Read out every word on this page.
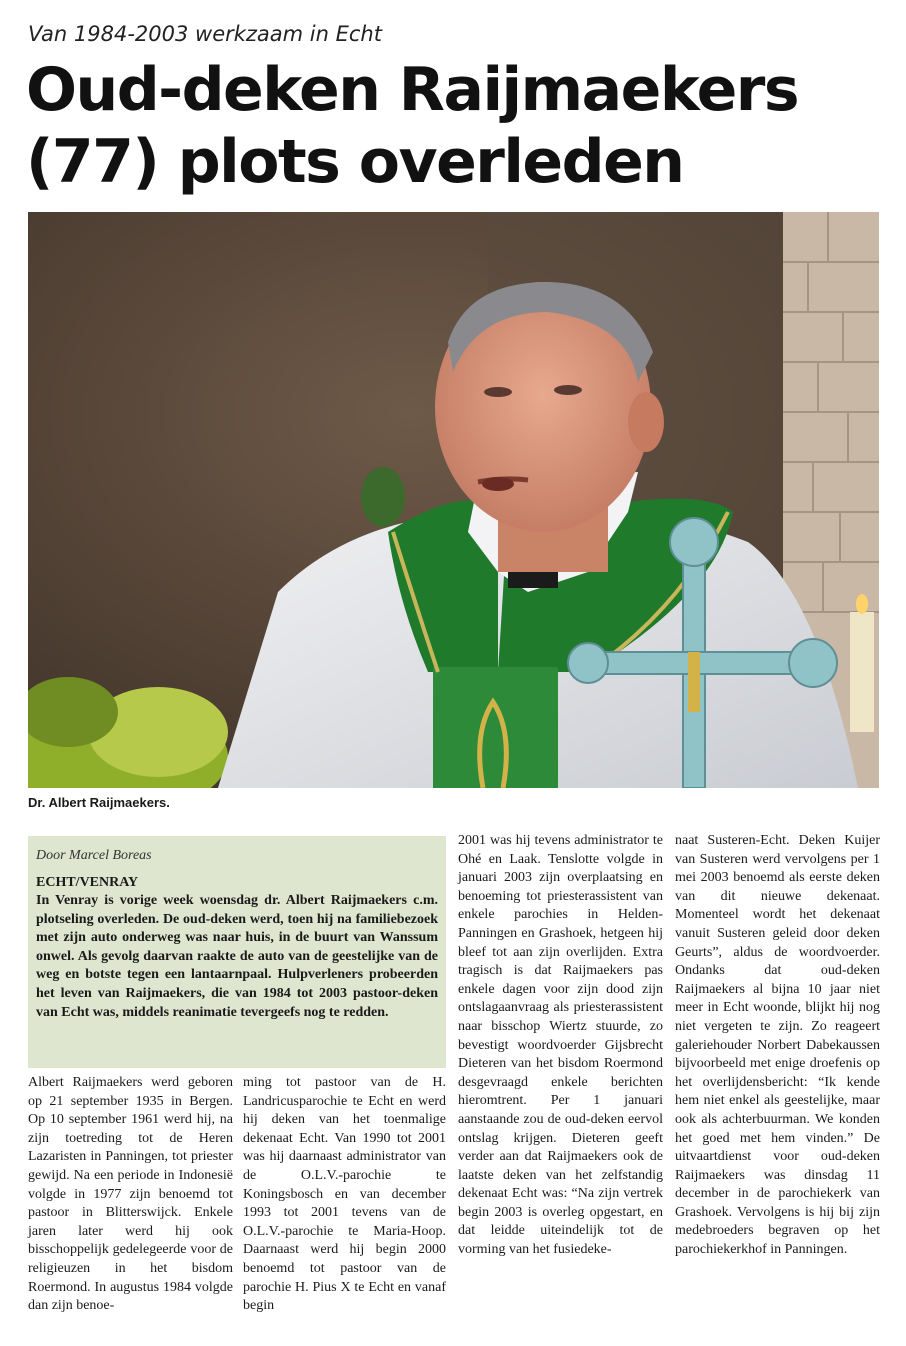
Van 1984-2003 werkzaam in Echt
Oud-deken Raijmaekers (77) plots overleden
Dr. Albert Raijmaekers.

Door Marcel Boreas

ECHT/VENRAY

In Venray is vorige week woensdag dr. Albert Raijmaekers c.m. plotseling overleden. De oud-deken werd, toen hij na familiebezoek met zijn auto onderweg was naar huis, in de buurt van Wanssum onwel. Als gevolg daarvan raakte de auto van de geestelijke van de weg en botste tegen een lantaarnpaal. Hulpverleners probeerden het leven van Raijmaekers, die van 1984 tot 2003 pastoor-deken van Echt was, middels reanimatie tevergeefs nog te redden.

Albert Raijmaekers werd geboren op 21 september 1935 in Bergen. Op 10 september 1961 werd hij, na zijn toetreding tot de Heren Lazaristen in Panningen, tot priester gewijd. Na een periode in Indonesië volgde in 1977 zijn benoemd tot pastoor in Blitterswijck. Enkele jaren later werd hij ook bisschoppelijk gedelegeerde voor de religieuzen in het bisdom Roermond. In augustus 1984 volgde dan zijn benoe-

ming tot pastoor van de H. Landricusparochie te Echt en werd hij deken van het toenmalige dekenaat Echt. Van 1990 tot 2001 was hij daarnaast administrator van de O.L.V.-parochie te Koningsbosch en van december 1993 tot 2001 tevens van de O.L.V.-parochie te Maria-Hoop. Daarnaast werd hij begin 2000 benoemd tot pastoor van de parochie H. Pius X te Echt en vanaf begin

2001 was hij tevens administrator te Ohé en Laak. Tenslotte volgde in januari 2003 zijn overplaatsing en benoeming tot priesterassistent van enkele parochies in Helden-Panningen en Grashoek, hetgeen hij bleef tot aan zijn overlijden. Extra tragisch is dat Raijmaekers pas enkele dagen voor zijn dood zijn ontslagaanvraag als priesterassistent naar bisschop Wiertz stuurde, zo bevestigt woordvoerder Gijsbrecht Dieteren van het bisdom Roermond desgevraagd enkele berichten hieromtrent. Per 1 januari aanstaande zou de oud-deken eervol ontslag krijgen. Dieteren geeft verder aan dat Raijmaekers ook de laatste deken van het zelfstandig dekenaat Echt was: “Na zijn vertrek begin 2003 is overleg opgestart, en dat leidde uiteindelijk tot de vorming van het fusiedeke-

naat Susteren-Echt. Deken Kuijer van Susteren werd vervolgens per 1 mei 2003 benoemd als eerste deken van dit nieuwe dekenaat. Momenteel wordt het dekenaat vanuit Susteren geleid door deken Geurts”, aldus de woordvoerder. Ondanks dat oud-deken Raijmaekers al bijna 10 jaar niet meer in Echt woonde, blijkt hij nog niet vergeten te zijn. Zo reageert galeriehouder Norbert Dabekaussen bijvoorbeeld met enige droefenis op het overlijdensbericht: “Ik kende hem niet enkel als geestelijke, maar ook als achterbuurman. We konden het goed met hem vinden.” De uitvaartdienst voor oud-deken Raijmaekers was dinsdag 11 december in de parochiekerk van Grashoek. Vervolgens is hij bij zijn medebroeders begraven op het parochiekerkhof in Panningen.
